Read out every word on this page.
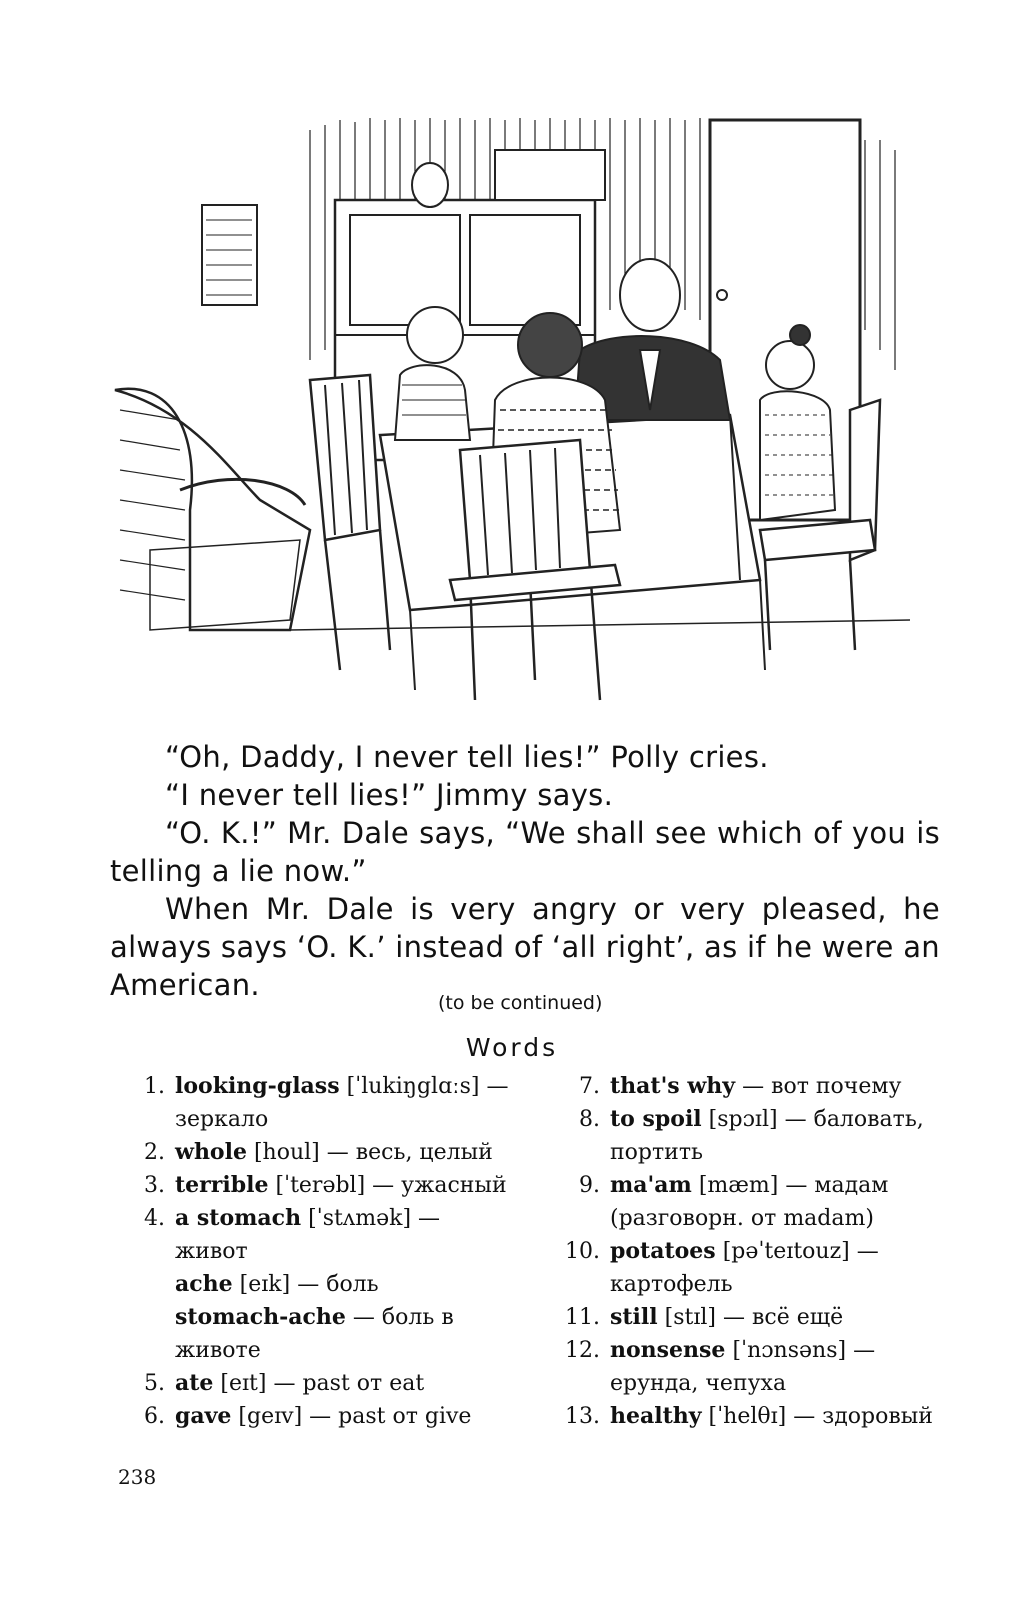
“Oh, Daddy, I never tell lies!” Polly cries.

“I never tell lies!” Jimmy says.

“O. K.!” Mr. Dale says, “We shall see which of you is telling a lie now.”

When Mr. Dale is very angry or very pleased, he always says ‘O. K.’ instead of ‘all right’, as if he were an American.

(to be continued)
Words
1. looking-glass [ˈlukiŋglɑːs] — зеркало
2. whole [houl] — весь, целый
3. terrible [ˈterəbl] — ужасный
4. a stomach [ˈstʌmək] — живот
ache [eɪk] — боль
stomach-ache — боль в животе
5. ate [eɪt] — past от eat
6. gave [geɪv] — past от give
7. that's why — вот почему
8. to spoil [spɔɪl] — баловать, портить
9. ma'am [mæm] — мадам (разговорн. от madam)
10. potatoes [pəˈteɪtouz] — картофель
11. still [stɪl] — всё ещё
12. nonsense [ˈnɔnsəns] — ерунда, чепуха
13. healthy [ˈhelθɪ] — здоровый
238
